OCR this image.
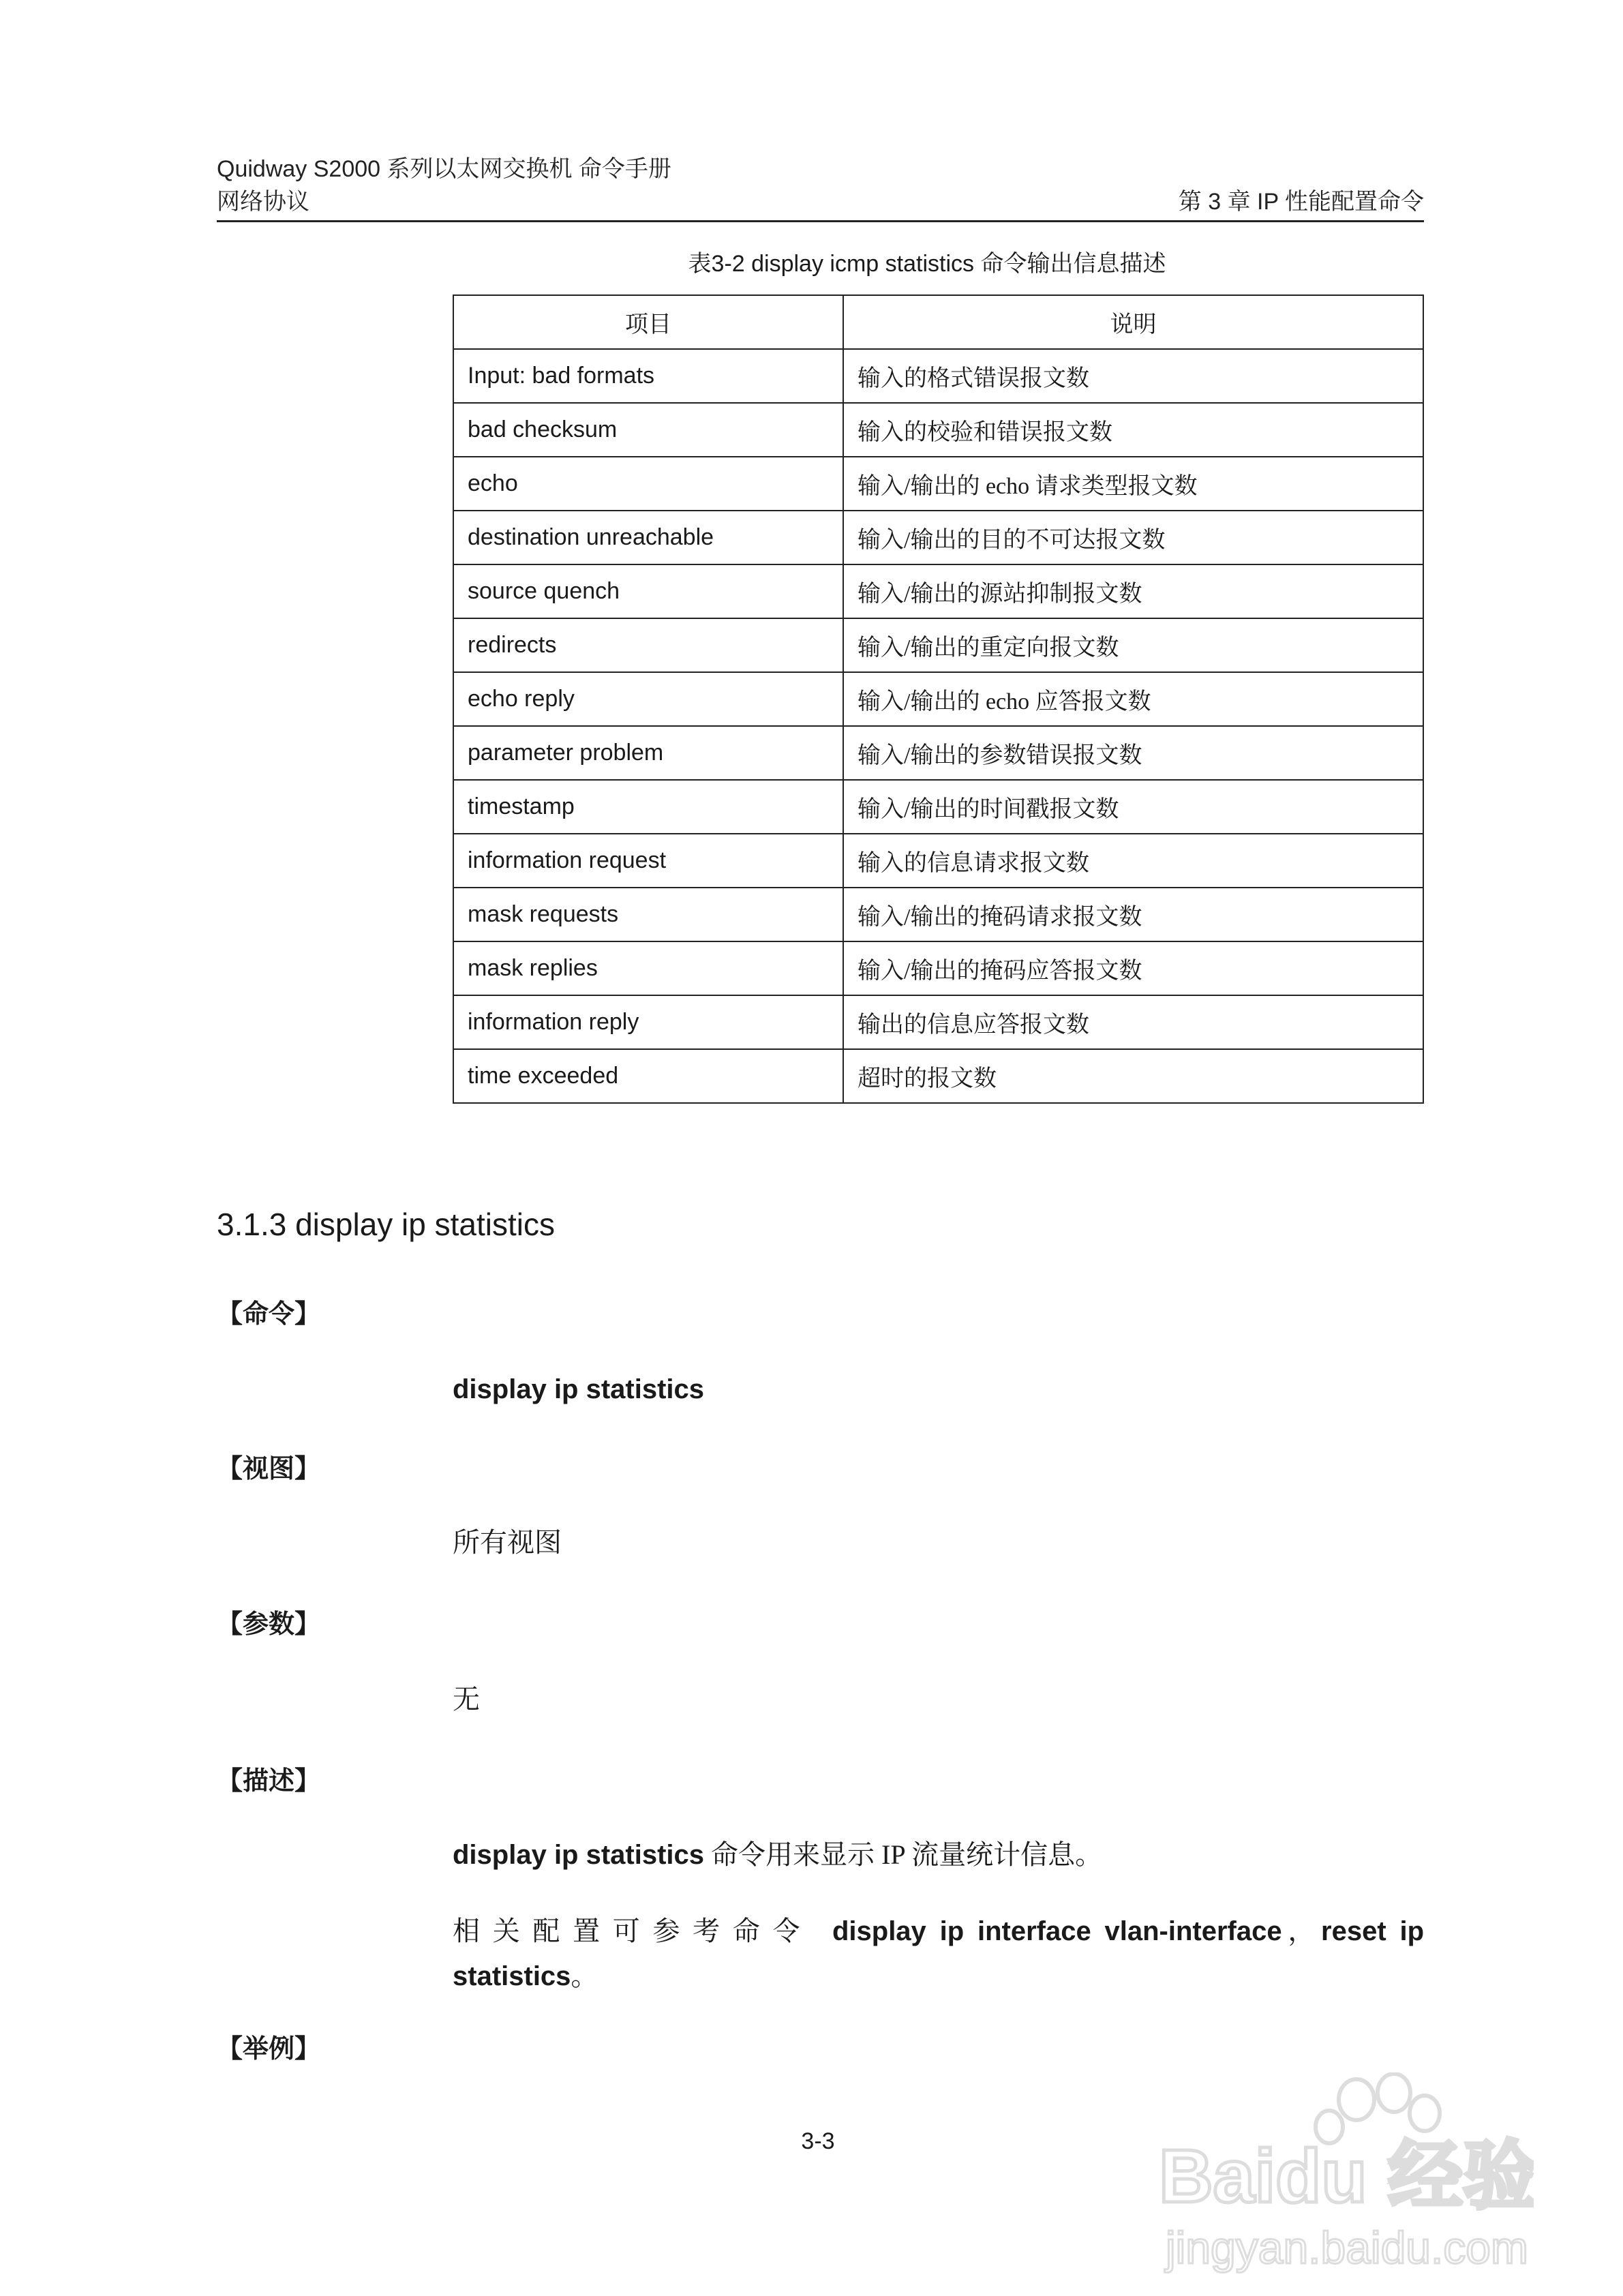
Quidway S2000 系列以太网交换机 命令手册
网络协议	第 3 章 IP 性能配置命令
表3-2 display icmp statistics 命令输出信息描述
项目	说明
Input: bad formats	输入的格式错误报文数
bad checksum	输入的校验和错误报文数
echo	输入/输出的 echo 请求类型报文数
destination unreachable	输入/输出的目的不可达报文数
source quench	输入/输出的源站抑制报文数
redirects	输入/输出的重定向报文数
echo reply	输入/输出的 echo 应答报文数
parameter problem	输入/输出的参数错误报文数
timestamp	输入/输出的时间戳报文数
information request	输入的信息请求报文数
mask requests	输入/输出的掩码请求报文数
mask replies	输入/输出的掩码应答报文数
information reply	输出的信息应答报文数
time exceeded	超时的报文数
3.1.3 display ip statistics
【命令】
display ip statistics
【视图】
所有视图
【参数】
无
【描述】
display ip statistics 命令用来显示 IP 流量统计信息。
相关配置可参考命令 display ip interface vlan-interface，reset ip statistics。
【举例】
3-3	Baidu 经验
jingyan.baidu.com
